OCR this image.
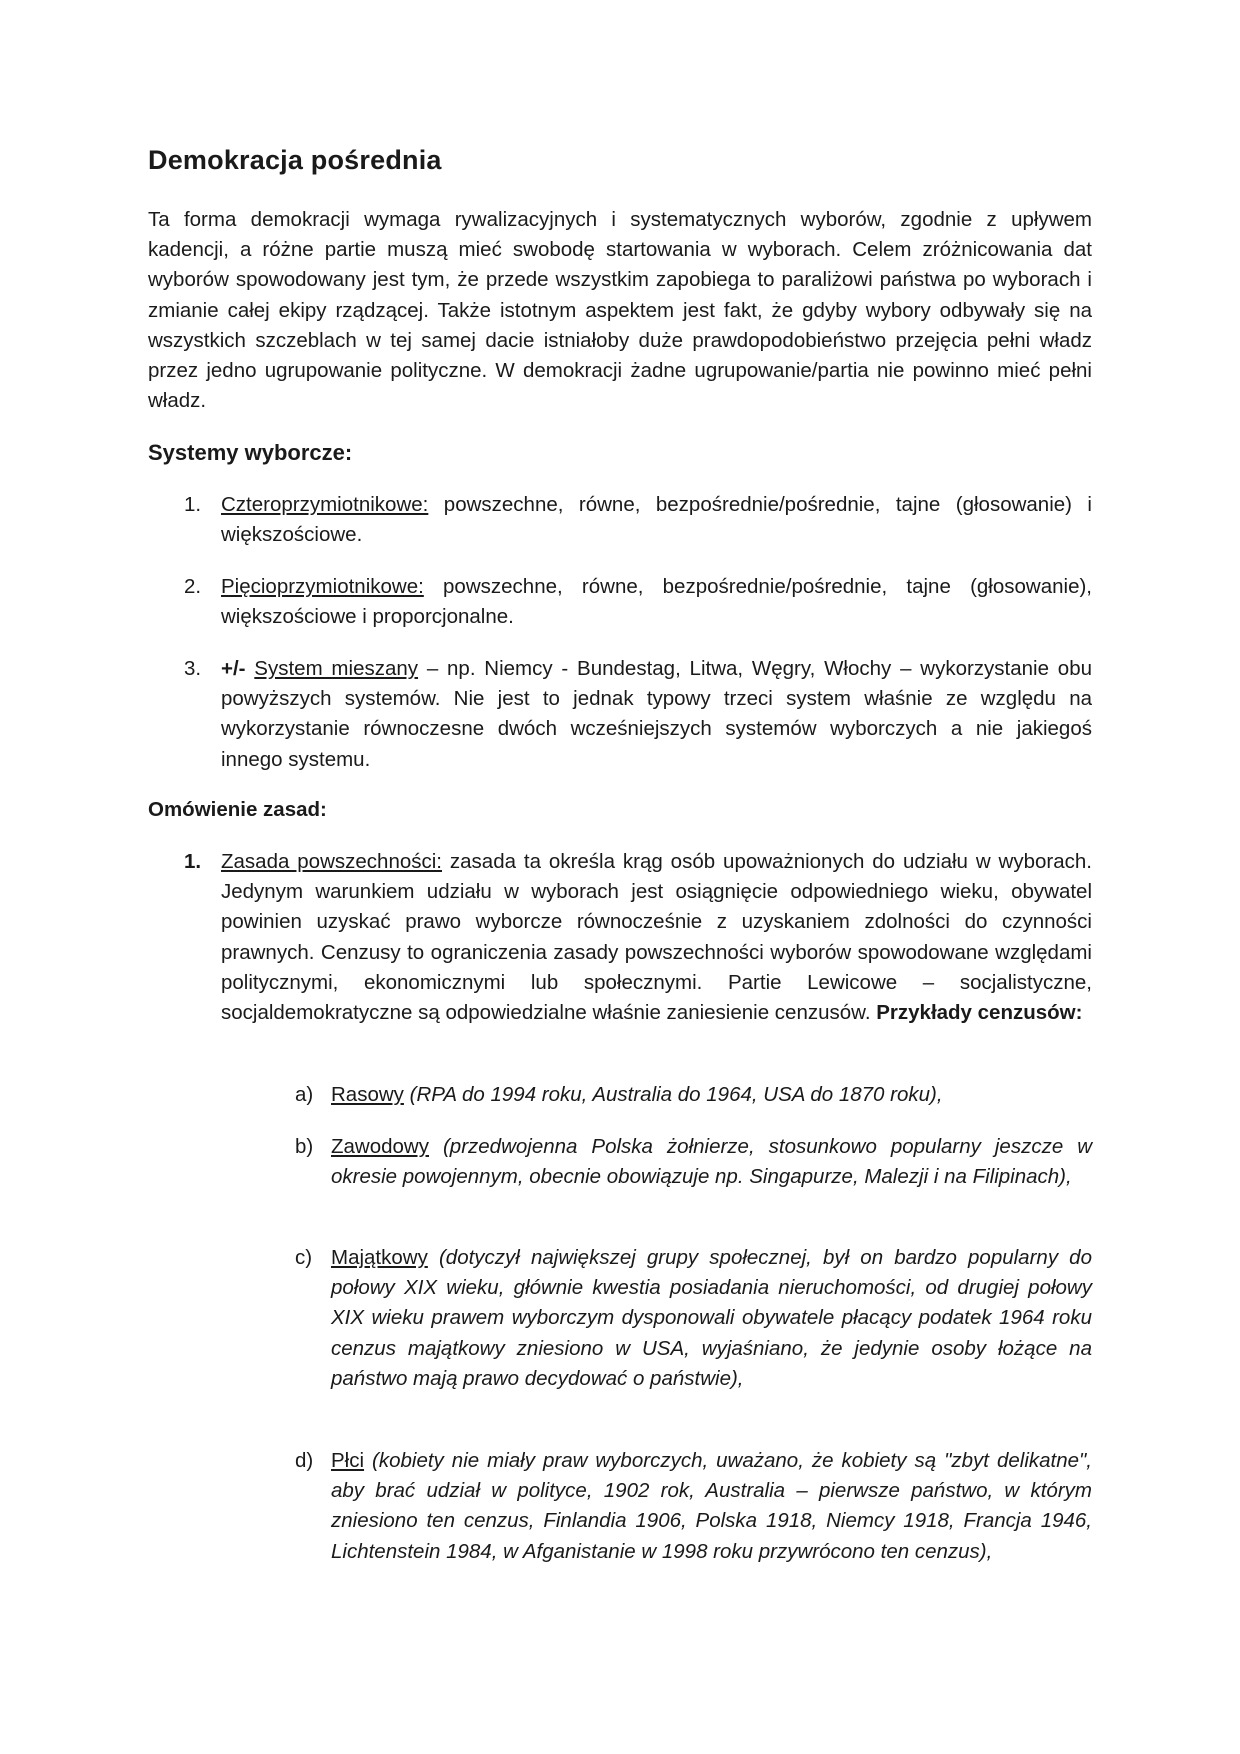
Demokracja pośrednia

Ta forma demokracji wymaga rywalizacyjnych i systematycznych wyborów, zgodnie z upływem kadencji, a różne partie muszą mieć swobodę startowania w wyborach. Celem zróżnicowania dat wyborów spowodowany jest tym, że przede wszystkim zapobiega to paraliżowi państwa po wyborach i zmianie całej ekipy rządzącej. Także istotnym aspektem jest fakt, że gdyby wybory odbywały się na wszystkich szczeblach w tej samej dacie istniałoby duże prawdopodobieństwo przejęcia pełni władz przez jedno ugrupowanie polityczne. W demokracji żadne ugrupowanie/partia nie powinno mieć pełni władz.

Systemy wyborcze:
1. Czteroprzymiotnikowe: powszechne, równe, bezpośrednie/pośrednie, tajne (głosowanie) i większościowe.
2. Pięcioprzymiotnikowe: powszechne, równe, bezpośrednie/pośrednie, tajne (głosowanie), większościowe i proporcjonalne.
3. +/- System mieszany – np. Niemcy - Bundestag, Litwa, Węgry, Włochy – wykorzystanie obu powyższych systemów. Nie jest to jednak typowy trzeci system właśnie ze względu na wykorzystanie równoczesne dwóch wcześniejszych systemów wyborczych a nie jakiegoś innego systemu.
Omówienie zasad:
1. Zasada powszechności: zasada ta określa krąg osób upoważnionych do udziału w wyborach. Jedynym warunkiem udziału w wyborach jest osiągnięcie odpowiedniego wieku, obywatel powinien uzyskać prawo wyborcze równocześnie z uzyskaniem zdolności do czynności prawnych. Cenzusy to ograniczenia zasady powszechności wyborów spowodowane względami politycznymi, ekonomicznymi lub społecznymi. Partie Lewicowe – socjalistyczne, socjaldemokratyczne są odpowiedzialne właśnie zaniesienie cenzusów. Przykłady cenzusów:
a) Rasowy (RPA do 1994 roku, Australia do 1964, USA do 1870 roku),
b) Zawodowy (przedwojenna Polska żołnierze, stosunkowo popularny jeszcze w okresie powojennym, obecnie obowiązuje np. Singapurze, Malezji i na Filipinach),
c) Majątkowy (dotyczył największej grupy społecznej, był on bardzo popularny do połowy XIX wieku, głównie kwestia posiadania nieruchomości, od drugiej połowy XIX wieku prawem wyborczym dysponowali obywatele płacący podatek 1964 roku cenzus majątkowy zniesiono w USA, wyjaśniano, że jedynie osoby łożące na państwo mają prawo decydować o państwie),
d) Płci (kobiety nie miały praw wyborczych, uważano, że kobiety są "zbyt delikatne", aby brać udział w polityce, 1902 rok, Australia – pierwsze państwo, w którym zniesiono ten cenzus, Finlandia 1906, Polska 1918, Niemcy 1918, Francja 1946, Lichtenstein 1984, w Afganistanie w 1998 roku przywrócono ten cenzus),
